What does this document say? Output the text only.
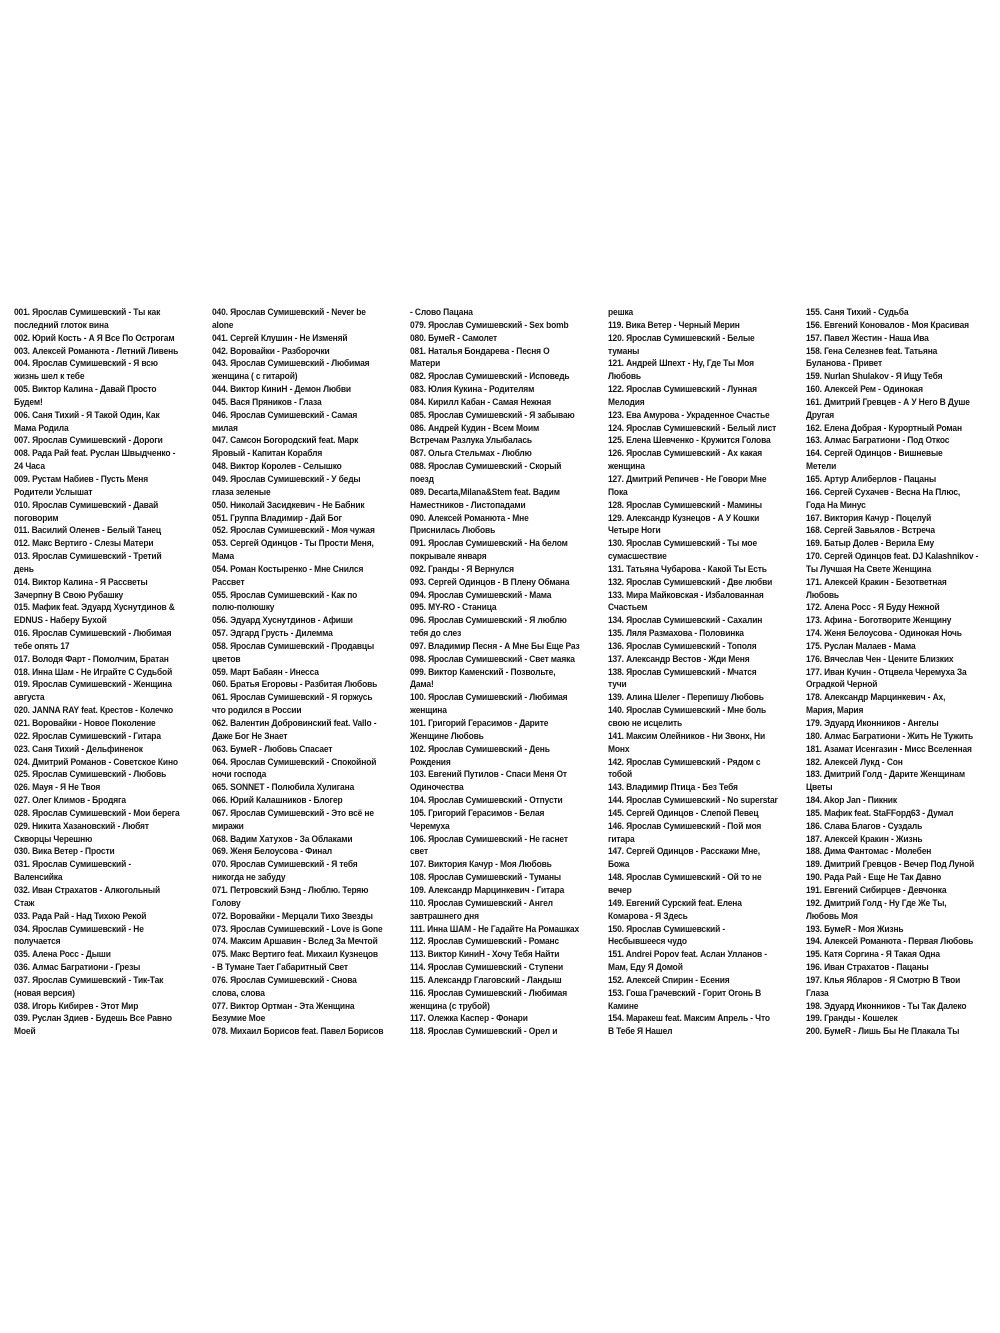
001. Ярослав Сумишевский - Ты как
последний глоток вина
002. Юрий Кость - А Я Все По Острогам
003. Алексей Романюта - Летний Ливень
004. Ярослав Сумишевский - Я всю
жизнь шел к тебе
005. Виктор Калина - Давай Просто
Будем!
006. Саня Тихий - Я Такой Один, Как
Мама Родила
007. Ярослав Сумишевский - Дороги
008. Рада Рай feat. Руслан Швыдченко -
24 Часа
009. Рустам Набиев - Пусть Меня
Родители Услышат
010. Ярослав Сумишевский - Давай
поговорим
011. Василий Оленев - Белый Танец
012. Макс Вертиго - Слезы Матери
013. Ярослав Сумишевский - Третий
день
014. Виктор Калина - Я Рассветы
Зачерпну В Свою Рубашку
015. Мафик feat. Эдуард Хуснутдинов &
EDNUS - Наберу Бухой
016. Ярослав Сумишевский - Любимая
тебе опять 17
017. Володя Фарт - Помолчим, Братан
018. Инна Шам - Не Играйте С Судьбой
019. Ярослав Сумишевский - Женщина
августа
020. JANNA RAY feat. Крестов - Колечко
021. Воровайки - Новое Поколение
022. Ярослав Сумишевский - Гитара
023. Саня Тихий - Дельфиненок
024. Дмитрий Романов - Советское Кино
025. Ярослав Сумишевский - Любовь
026. Мауя - Я Не Твоя
027. Олег Климов - Бродяга
028. Ярослав Сумишевский - Мои берега
029. Никита Хазановский - Любят
Скворцы Черешню
030. Вика Ветер - Прости
031. Ярослав Сумишевский -
Валенсийка
032. Иван Страхатов - Алкогольный
Стаж
033. Рада Рай - Над Тихою Рекой
034. Ярослав Сумишевский - Не
получается
035. Алена Росс - Дыши
036. Алмас Багратиони - Грезы
037. Ярослав Сумишевский - Тик-Так
(новая версия)
038. Игорь Кибирев - Этот Мир
039. Руслан Здиев - Будешь Все Равно
Моей
040. Ярослав Сумишевский - Never be
alone
041. Сергей Клушин - Не Изменяй
042. Воровайки - Разборочки
043. Ярослав Сумишевский - Любимая
женщина ( с гитарой)
044. Виктор КиниН - Демон Любви
045. Вася Пряников - Глаза
046. Ярослав Сумишевский - Самая
милая
047. Самсон Богородский feat. Марк
Яровый - Капитан Корабля
048. Виктор Королев - Селышко
049. Ярослав Сумишевский - У беды
глаза зеленые
050. Николай Засидкевич - Не Бабник
051. Группа Владимир - Дай Бог
052. Ярослав Сумишевский - Моя чужая
053. Сергей Одинцов - Ты Прости Меня,
Мама
054. Роман Костыренко - Мне Снился
Рассвет
055. Ярослав Сумишевский - Как по
полю-полюшку
056. Эдуард Хуснутдинов - Афиши
057. Эдгард Грусть - Дилемма
058. Ярослав Сумишевский - Продавцы
цветов
059. Март Бабаян - Инесса
060. Братья Егоровы - Разбитая Любовь
061. Ярослав Сумишевский - Я горжусь
что родился в России
062. Валентин Добровинский feat. Vallo -
Даже Бог Не Знает
063. БумеR - Любовь Спасает
064. Ярослав Сумишевский - Спокойной
ночи господа
065. SONNET - Полюбила Хулигана
066. Юрий Калашников - Блогер
067. Ярослав Сумишевский - Это всё не
миражи
068. Вадим Хатухов - За Облаками
069. Женя Белоусова - Финал
070. Ярослав Сумишевский - Я тебя
никогда не забуду
071. Петровский Бэнд - Люблю. Теряю
Голову
072. Воровайки - Мерцали Тихо Звезды
073. Ярослав Сумишевский - Love is Gone
074. Максим Аршавин - Вслед За Мечтой
075. Макс Вертиго feat. Михаил Кузнецов
- В Тумане Тает Габаритный Свет
076. Ярослав Сумишевский - Снова
слова, слова
077. Виктор Ортман - Эта Женщина
Безумие Мое
078. Михаил Борисов feat. Павел Борисов
- Слово Пацана
079. Ярослав Сумишевский - Sex bomb
080. БумеR - Самолет
081. Наталья Бондарева - Песня О
Матери
082. Ярослав Сумишевский - Исповедь
083. Юлия Кукина - Родителям
084. Кирилл Кабан - Самая Нежная
085. Ярослав Сумишевский - Я забываю
086. Андрей Кудин - Всем Моим
Встречам Разлука Улыбалась
087. Ольга Стельмах - Люблю
088. Ярослав Сумишевский - Скорый
поезд
089. Decarta,Milana&Stem feat. Вадим
Наместников - Листопадами
090. Алексей Романюта - Мне
Приснилась Любовь
091. Ярослав Сумишевский - На белом
покрывале января
092. Гранды - Я Вернулся
093. Сергей Одинцов - В Плену Обмана
094. Ярослав Сумишевский - Мама
095. MY-RO - Станица
096. Ярослав Сумишевский - Я люблю
тебя до слез
097. Владимир Песня - А Мне Бы Еще Раз
098. Ярослав Сумишевский - Свет маяка
099. Виктор Каменский - Позвольте,
Дама!
100. Ярослав Сумишевский - Любимая
женщина
101. Григорий Герасимов - Дарите
Женщине Любовь
102. Ярослав Сумишевский - День
Рождения
103. Евгений Путилов - Спаси Меня От
Одиночества
104. Ярослав Сумишевский - Отпусти
105. Григорий Герасимов - Белая
Черемуха
106. Ярослав Сумишевский - Не гаснет
свет
107. Виктория Качур - Моя Любовь
108. Ярослав Сумишевский - Туманы
109. Александр Марцинкевич - Гитара
110. Ярослав Сумишевский - Ангел
завтрашнего дня
111. Инна ШАМ - Не Гадайте На Ромашках
112. Ярослав Сумишевский - Романс
113. Виктор КиниН - Хочу Тебя Найти
114. Ярослав Сумишевский - Ступени
115. Александр Глаговский - Ландыш
116. Ярослав Сумишевский - Любимая
женщина (с трубой)
117. Олежка Каспер - Фонари
118. Ярослав Сумишевский - Орел и
решка
119. Вика Ветер - Черный Мерин
120. Ярослав Сумишевский - Белые
туманы
121. Андрей Шпехт - Ну, Где Ты Моя
Любовь
122. Ярослав Сумишевский - Лунная
Мелодия
123. Ева Амурова - Украденное Счастье
124. Ярослав Сумишевский - Белый лист
125. Елена Шевченко - Кружится Голова
126. Ярослав Сумишевский - Ах какая
женщина
127. Дмитрий Репичев - Не Говори Мне
Пока
128. Ярослав Сумишевский - Мамины
129. Александр Кузнецов - А У Кошки
Четыре Ноги
130. Ярослав Сумишевский - Ты мое
сумасшествие
131. Татьяна Чубарова - Какой Ты Есть
132. Ярослав Сумишевский - Две любви
133. Мира Майковская - Избалованная
Счастьем
134. Ярослав Сумишевский - Сахалин
135. Ляля Размахова - Половинка
136. Ярослав Сумишевский - Тополя
137. Александр Вестов - Жди Меня
138. Ярослав Сумишевский - Мчатся
тучи
139. Алина Шелег - Перепишу Любовь
140. Ярослав Сумишевский - Мне боль
свою не исцелить
141. Максим Олейников - Ни Звонх, Ни
Монх
142. Ярослав Сумишевский - Рядом с
тобой
143. Владимир Птица - Без Тебя
144. Ярослав Сумишевский - No superstar
145. Сергей Одинцов - Слепой Певец
146. Ярослав Сумишевский - Пой моя
гитара
147. Сергей Одинцов - Расскажи Мне,
Божа
148. Ярослав Сумишевский - Ой то не
вечер
149. Евгений Сурский feat. Елена
Комарова - Я Здесь
150. Ярослав Сумишевский -
Несбывшееся чудо
151. Andrei Popov feat. Аслан Улланов -
Мам, Еду Я Домой
152. Алексей Спирин - Есения
153. Гоша Грачевский - Горит Огонь В
Камине
154. Маракеш feat. Максим Апрель - Что
В Тебе Я Нашел
155. Саня Тихий - Судьба
156. Евгений Коновалов - Моя Красивая
157. Павел Жестин - Наша Ива
158. Гена Селезнев feat. Татьяна
Буланова - Привет
159. Nurlan Shulakov - Я Ищу Тебя
160. Алексей Рем - Одинокая
161. Дмитрий Гревцев - А У Него В Душе
Другая
162. Елена Добрая - Курортный Роман
163. Алмас Багратиони - Под Откос
164. Сергей Одинцов - Вишневые
Метели
165. Артур Алиберлов - Пацаны
166. Сергей Сухачев - Весна На Плюс,
Года На Минус
167. Виктория Качур - Поцелуй
168. Сергей Завьялов - Встреча
169. Батыр Долев - Верила Ему
170. Сергей Одинцов feat. DJ Kalashnikov -
Ты Лучшая На Свете Женщина
171. Алексей Кракин - Безответная
Любовь
172. Алена Росс - Я Буду Нежной
173. Афина - Боготворите Женщину
174. Женя Белоусова - Одинокая Ночь
175. Руслан Малаев - Мама
176. Вячеслав Чен - Цените Близких
177. Иван Кучин - Отцвела Черемуха За
Оградкой Черной
178. Александр Марцинкевич - Ах,
Мария, Мария
179. Эдуард Иконников - Ангелы
180. Алмас Багратиони - Жить Не Тужить
181. Азамат Исенгазин - Мисс Вселенная
182. Алексей Лукд - Сон
183. Дмитрий Голд - Дарите Женщинам
Цветы
184. Akop Jan - Пикник
185. Мафик feat. StaFFорд63 - Думал
186. Слава Благов - Суздаль
187. Алексей Кракин - Жизнь
188. Дима Фантомас - Молебен
189. Дмитрий Гревцов - Вечер Под Луной
190. Рада Рай - Еще Не Так Давно
191. Евгений Сибирцев - Девчонка
192. Дмитрий Голд - Ну Где Же Ты,
Любовь Моя
193. БумеR - Моя Жизнь
194. Алексей Романюта - Первая Любовь
195. Катя Соргина - Я Такая Одна
196. Иван Страхатов - Пацаны
197. Клья Ябларов - Я Смотрю В Твои
Глаза
198. Эдуард Иконников - Ты Так Далеко
199. Гранды - Кошелек
200. БумеR - Лишь Бы Не Плакала Ты
